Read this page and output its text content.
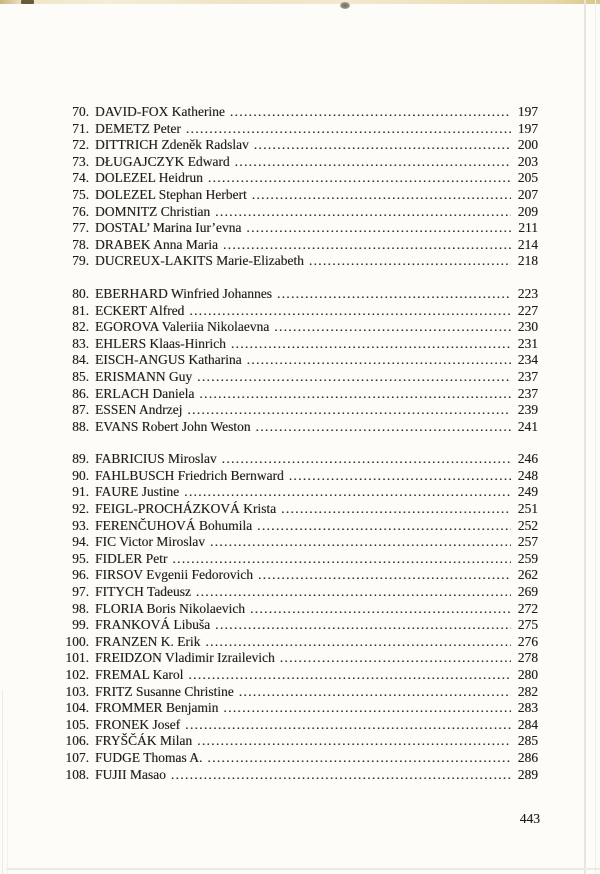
70. DAVID-FOX Katherine .....	197
71. DEMETZ Peter .....	197
72. DITTRICH Zdeněk Radslav .....	200
73. DŁUGAJCZYK Edward .....	203
74. DOLEZEL Heidrun .....	205
75. DOLEZEL Stephan Herbert .....	207
76. DOMNITZ Christian .....	209
77. DOSTAL’ Marina Iur’evna .....	211
78. DRABEK Anna Maria .....	214
79. DUCREUX-LAKITS Marie-Elizabeth .....	218
80. EBERHARD Winfried Johannes .....	223
81. ECKERT Alfred .....	227
82. EGOROVA Valeriia Nikolaevna .....	230
83. EHLERS Klaas-Hinrich .....	231
84. EISCH-ANGUS Katharina .....	234
85. ERISMANN Guy .....	237
86. ERLACH Daniela .....	237
87. ESSEN Andrzej .....	239
88. EVANS Robert John Weston .....	241
89. FABRICIUS Miroslav .....	246
90. FAHLBUSCH Friedrich Bernward .....	248
91. FAURE Justine .....	249
92. FEIGL-PROCHÁZKOVÁ Krista .....	251
93. FERENČUHOVÁ Bohumila .....	252
94. FIC Victor Miroslav .....	257
95. FIDLER Petr .....	259
96. FIRSOV Evgenii Fedorovich .....	262
97. FITYCH Tadeusz .....	269
98. FLORIA Boris Nikolaevich .....	272
99. FRANKOVÁ Libuša .....	275
100. FRANZEN K. Erik .....	276
101. FREIDZON Vladimir Izrailevich .....	278
102. FREMAL Karol .....	280
103. FRITZ Susanne Christine .....	282
104. FROMMER Benjamin .....	283
105. FRONEK Josef .....	284
106. FRYŠČÁK Milan .....	285
107. FUDGE Thomas A. .....	286
108. FUJII Masao .....	289
443
